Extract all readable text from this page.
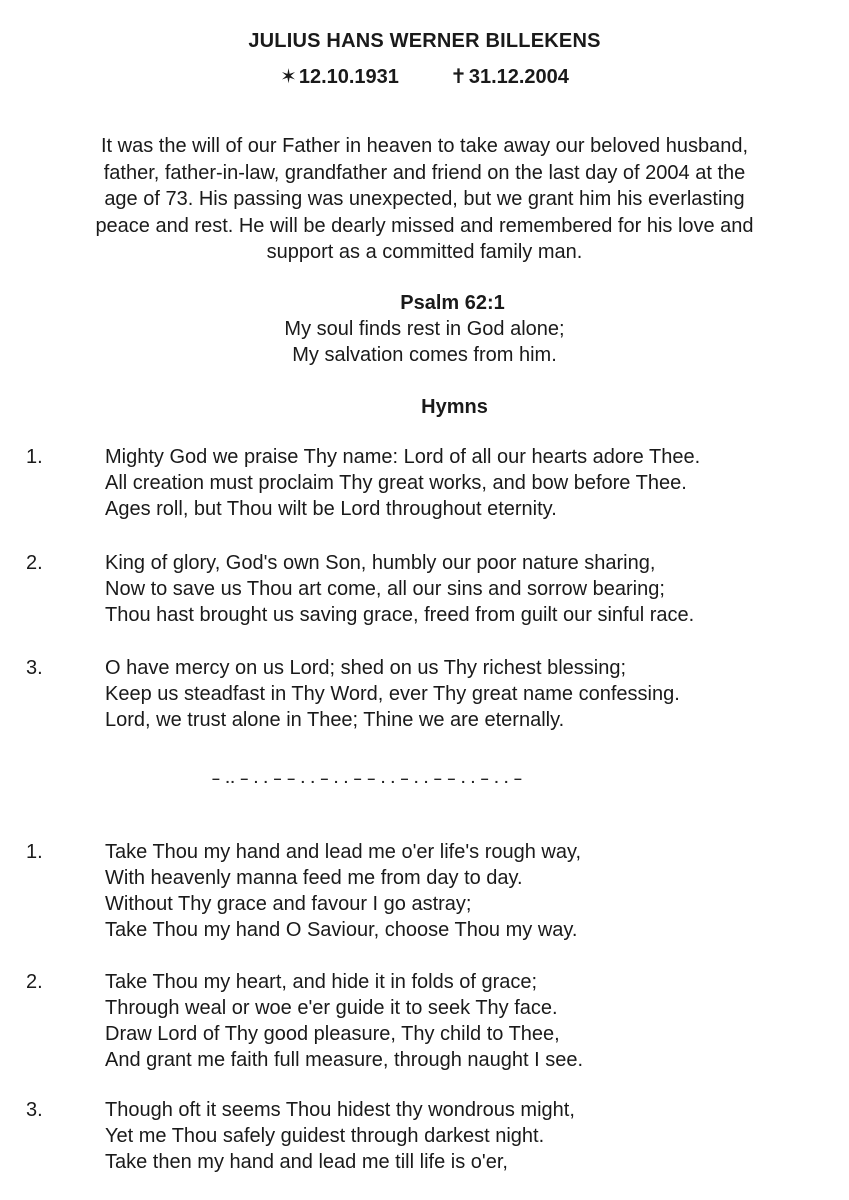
JULIUS HANS WERNER BILLEKENS
✶ 12.10.1931	✝ 31.12.2004
It was the will of our Father in heaven to take away our beloved husband,
father, father-in-law, grandfather and friend on the last day of 2004 at the
age of 73. His passing was unexpected, but we grant him his everlasting
peace and rest. He will be dearly missed and remembered for his love and
support as a committed family man.
Psalm 62:1
My soul finds rest in God alone;
My salvation comes from him.
Hymns
1.	Mighty God we praise Thy name: Lord of all our hearts adore Thee.
All creation must proclaim Thy great works, and bow before Thee.
Ages roll, but Thou wilt be Lord throughout eternity.
2.	King of glory, God's own Son, humbly our poor nature sharing,
Now to save us Thou art come, all our sins and sorrow bearing;
Thou hast brought us saving grace, freed from guilt our sinful race.
3.	O have mercy on us Lord; shed on us Thy richest blessing;
Keep us steadfast in Thy Word, ever Thy great name confessing.
Lord, we trust alone in Thee; Thine we are eternally.
– .. – . . – – . . – . . – – . . – . . – – . . – . . –
1.	Take Thou my hand and lead me o'er life's rough way,
With heavenly manna feed me from day to day.
Without Thy grace and favour I go astray;
Take Thou my hand O Saviour, choose Thou my way.
2.	Take Thou my heart, and hide it in folds of grace;
Through weal or woe e'er guide it to seek Thy face.
Draw Lord of Thy good pleasure, Thy child to Thee,
And grant me faith full measure, through naught I see.
3.	Though oft it seems Thou hidest thy wondrous might,
Yet me Thou safely guidest through darkest night.
Take then my hand and lead me till life is o'er,
